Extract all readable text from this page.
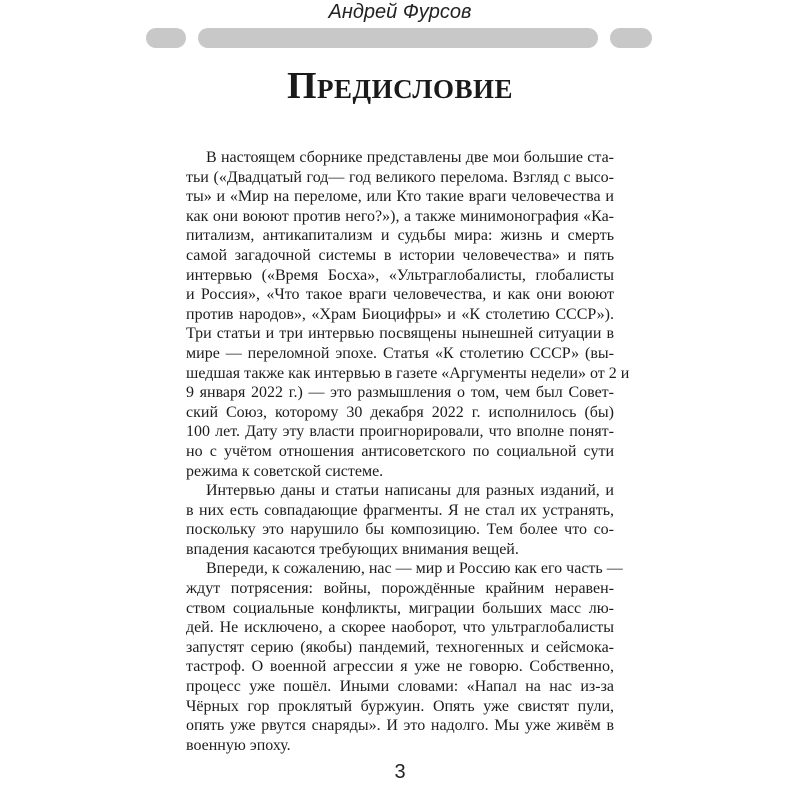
Андрей Фурсов
Предисловие

В настоящем сборнике представлены две мои большие ста-
тьи («Двадцатый год— год великого перелома. Взгляд с высо-
ты» и «Мир на переломе, или Кто такие враги человечества и
как они воюют против него?»), а также минимонография «Ка-
питализм, антикапитализм и судьбы мира: жизнь и смерть
самой загадочной системы в истории человечества» и пять
интервью («Время Босха», «Ультраглобалисты, глобалисты
и Россия», «Что такое враги человечества, и как они воюют
против народов», «Храм Биоцифры» и «К столетию СССР»).
Три статьи и три интервью посвящены нынешней ситуации в
мире — переломной эпохе. Статья «К столетию СССР» (вы-
шедшая также как интервью в газете «Аргументы недели» от 2 и
9 января 2022 г.) — это размышления о том, чем был Совет-
ский Союз, которому 30 декабря 2022 г. исполнилось (бы)
100 лет. Дату эту власти проигнорировали, что вполне понят-
но с учётом отношения антисоветского по социальной сути
режима к советской системе.

Интервью даны и статьи написаны для разных изданий, и
в них есть совпадающие фрагменты. Я не стал их устранять,
поскольку это нарушило бы композицию. Тем более что со-
впадения касаются требующих внимания вещей.

Впереди, к сожалению, нас — мир и Россию как его часть —
ждут потрясения: войны, порождённые крайним неравен-
ством социальные конфликты, миграции больших масс лю-
дей. Не исключено, а скорее наоборот, что ультраглобалисты
запустят серию (якобы) пандемий, техногенных и сейсмока-
тастроф. О военной агрессии я уже не говорю. Собственно,
процесс уже пошёл. Иными словами: «Напал на нас из-за
Чёрных гор проклятый буржуин. Опять уже свистят пули,
опять уже рвутся снаряды». И это надолго. Мы уже живём в
военную эпоху.

3
